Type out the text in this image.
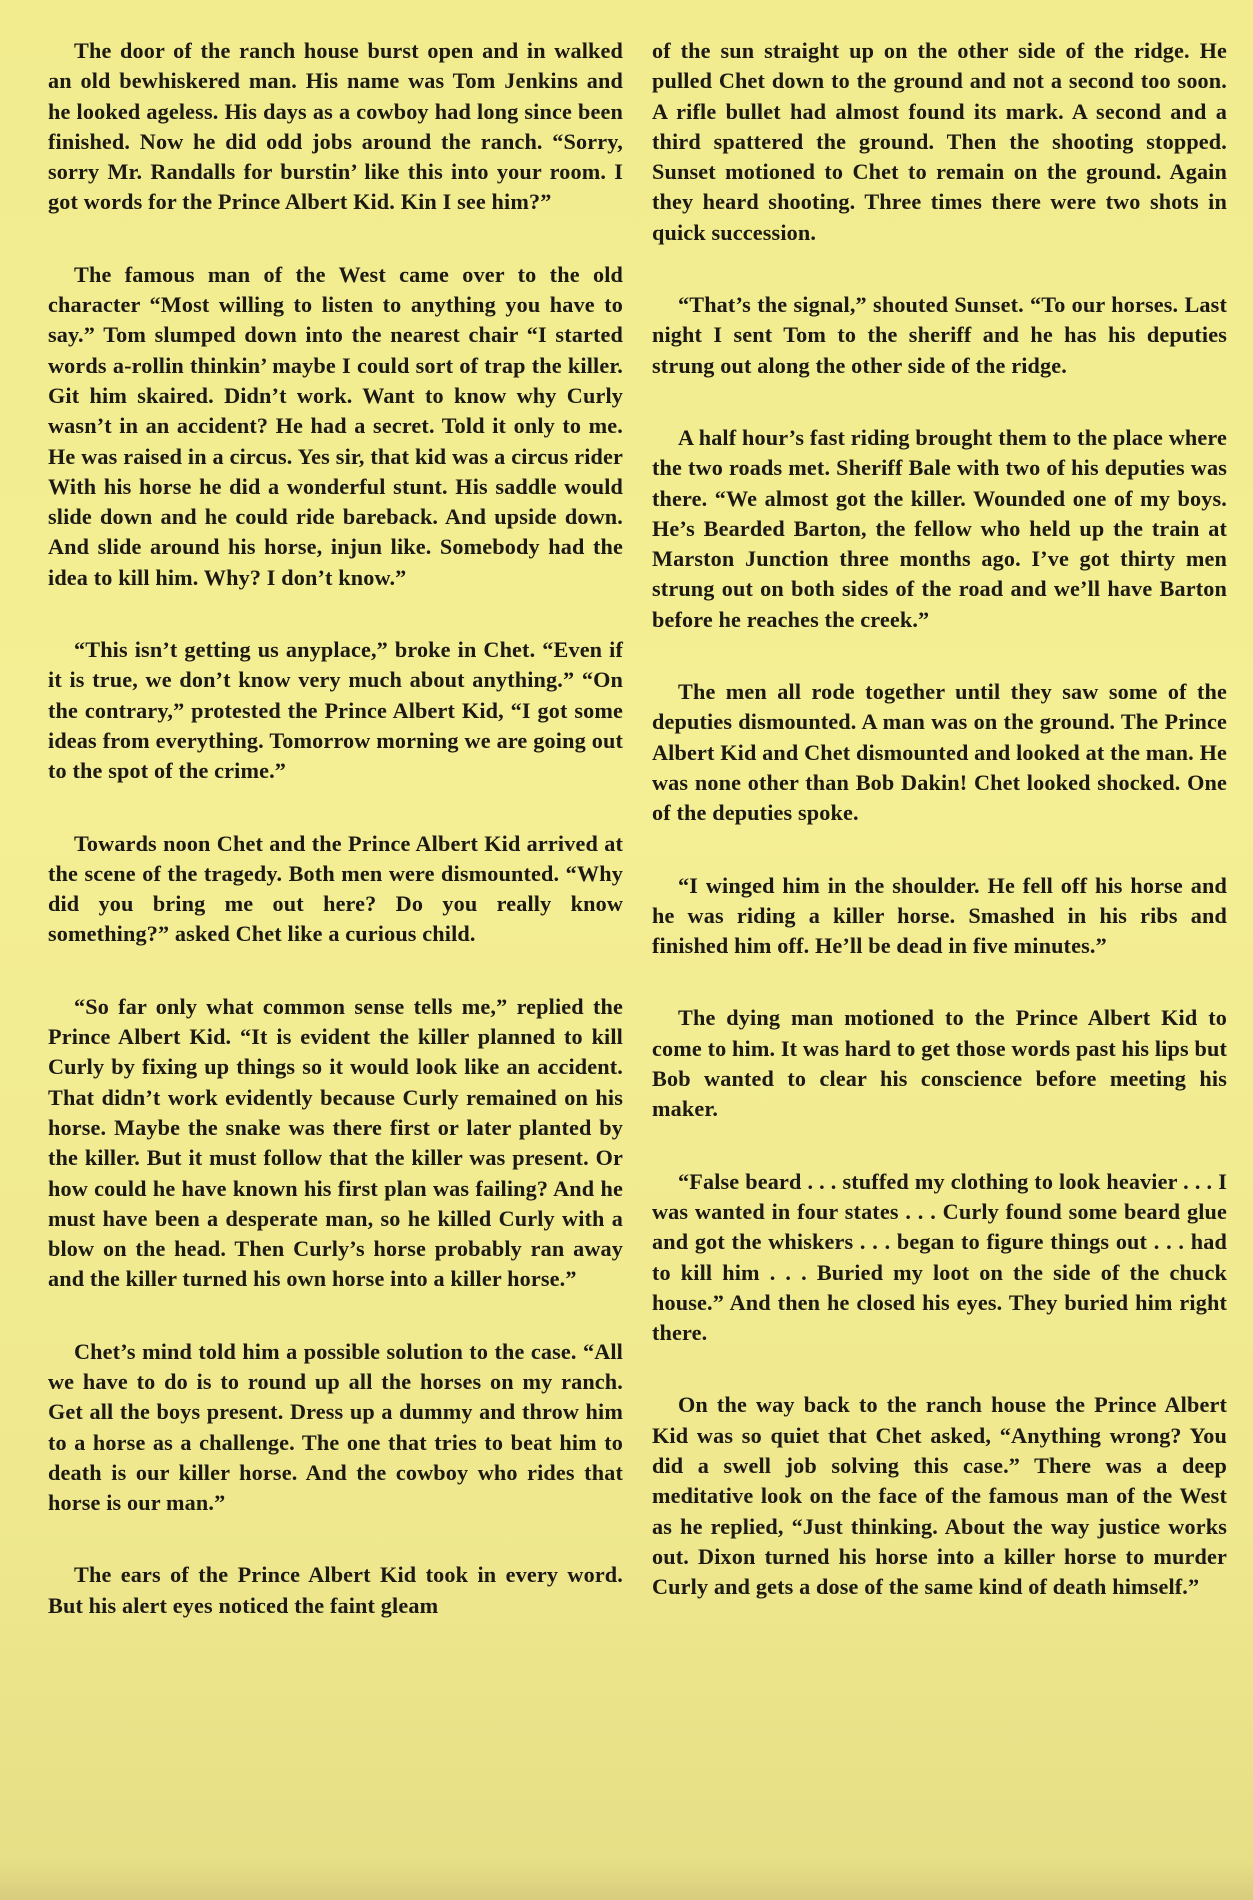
The door of the ranch house burst open and in walked an old bewhiskered man. His name was Tom Jenkins and he looked ageless. His days as a cowboy had long since been finished. Now he did odd jobs around the ranch. “Sorry, sorry Mr. Randalls for burstin’ like this into your room. I got words for the Prince Albert Kid. Kin I see him?”

The famous man of the West came over to the old character “Most willing to listen to anything you have to say.” Tom slumped down into the nearest chair “I started words a-rollin thinkin’ maybe I could sort of trap the killer. Git him skaired. Didn’t work. Want to know why Curly wasn’t in an accident? He had a secret. Told it only to me. He was raised in a circus. Yes sir, that kid was a circus rider With his horse he did a wonderful stunt. His saddle would slide down and he could ride bareback. And upside down. And slide around his horse, injun like. Somebody had the idea to kill him. Why? I don’t know.”

“This isn’t getting us anyplace,” broke in Chet. “Even if it is true, we don’t know very much about anything.” “On the contrary,” protested the Prince Albert Kid, “I got some ideas from everything. Tomorrow morning we are going out to the spot of the crime.”

Towards noon Chet and the Prince Albert Kid arrived at the scene of the tragedy. Both men were dismounted. “Why did you bring me out here? Do you really know something?” asked Chet like a curious child.

“So far only what common sense tells me,” replied the Prince Albert Kid. “It is evident the killer planned to kill Curly by fixing up things so it would look like an accident. That didn’t work evidently because Curly remained on his horse. Maybe the snake was there first or later planted by the killer. But it must follow that the killer was present. Or how could he have known his first plan was failing? And he must have been a desperate man, so he killed Curly with a blow on the head. Then Curly’s horse probably ran away and the killer turned his own horse into a killer horse.”

Chet’s mind told him a possible solution to the case. “All we have to do is to round up all the horses on my ranch. Get all the boys present. Dress up a dummy and throw him to a horse as a challenge. The one that tries to beat him to death is our killer horse. And the cowboy who rides that horse is our man.”

The ears of the Prince Albert Kid took in every word. But his alert eyes noticed the faint gleam

of the sun straight up on the other side of the ridge. He pulled Chet down to the ground and not a second too soon. A rifle bullet had almost found its mark. A second and a third spattered the ground. Then the shooting stopped. Sunset motioned to Chet to remain on the ground. Again they heard shooting. Three times there were two shots in quick succession.

“That’s the signal,” shouted Sunset. “To our horses. Last night I sent Tom to the sheriff and he has his deputies strung out along the other side of the ridge.

A half hour’s fast riding brought them to the place where the two roads met. Sheriff Bale with two of his deputies was there. “We almost got the killer. Wounded one of my boys. He’s Bearded Barton, the fellow who held up the train at Marston Junction three months ago. I’ve got thirty men strung out on both sides of the road and we’ll have Barton before he reaches the creek.”

The men all rode together until they saw some of the deputies dismounted. A man was on the ground. The Prince Albert Kid and Chet dismounted and looked at the man. He was none other than Bob Dakin! Chet looked shocked. One of the deputies spoke.

“I winged him in the shoulder. He fell off his horse and he was riding a killer horse. Smashed in his ribs and finished him off. He’ll be dead in five minutes.”

The dying man motioned to the Prince Albert Kid to come to him. It was hard to get those words past his lips but Bob wanted to clear his conscience before meeting his maker.

“False beard . . . stuffed my clothing to look heavier . . . I was wanted in four states . . . Curly found some beard glue and got the whiskers . . . began to figure things out . . . had to kill him . . . Buried my loot on the side of the chuck house.” And then he closed his eyes. They buried him right there.

On the way back to the ranch house the Prince Albert Kid was so quiet that Chet asked, “Anything wrong? You did a swell job solving this case.” There was a deep meditative look on the face of the famous man of the West as he replied, “Just thinking. About the way justice works out. Dixon turned his horse into a killer horse to murder Curly and gets a dose of the same kind of death himself.”
